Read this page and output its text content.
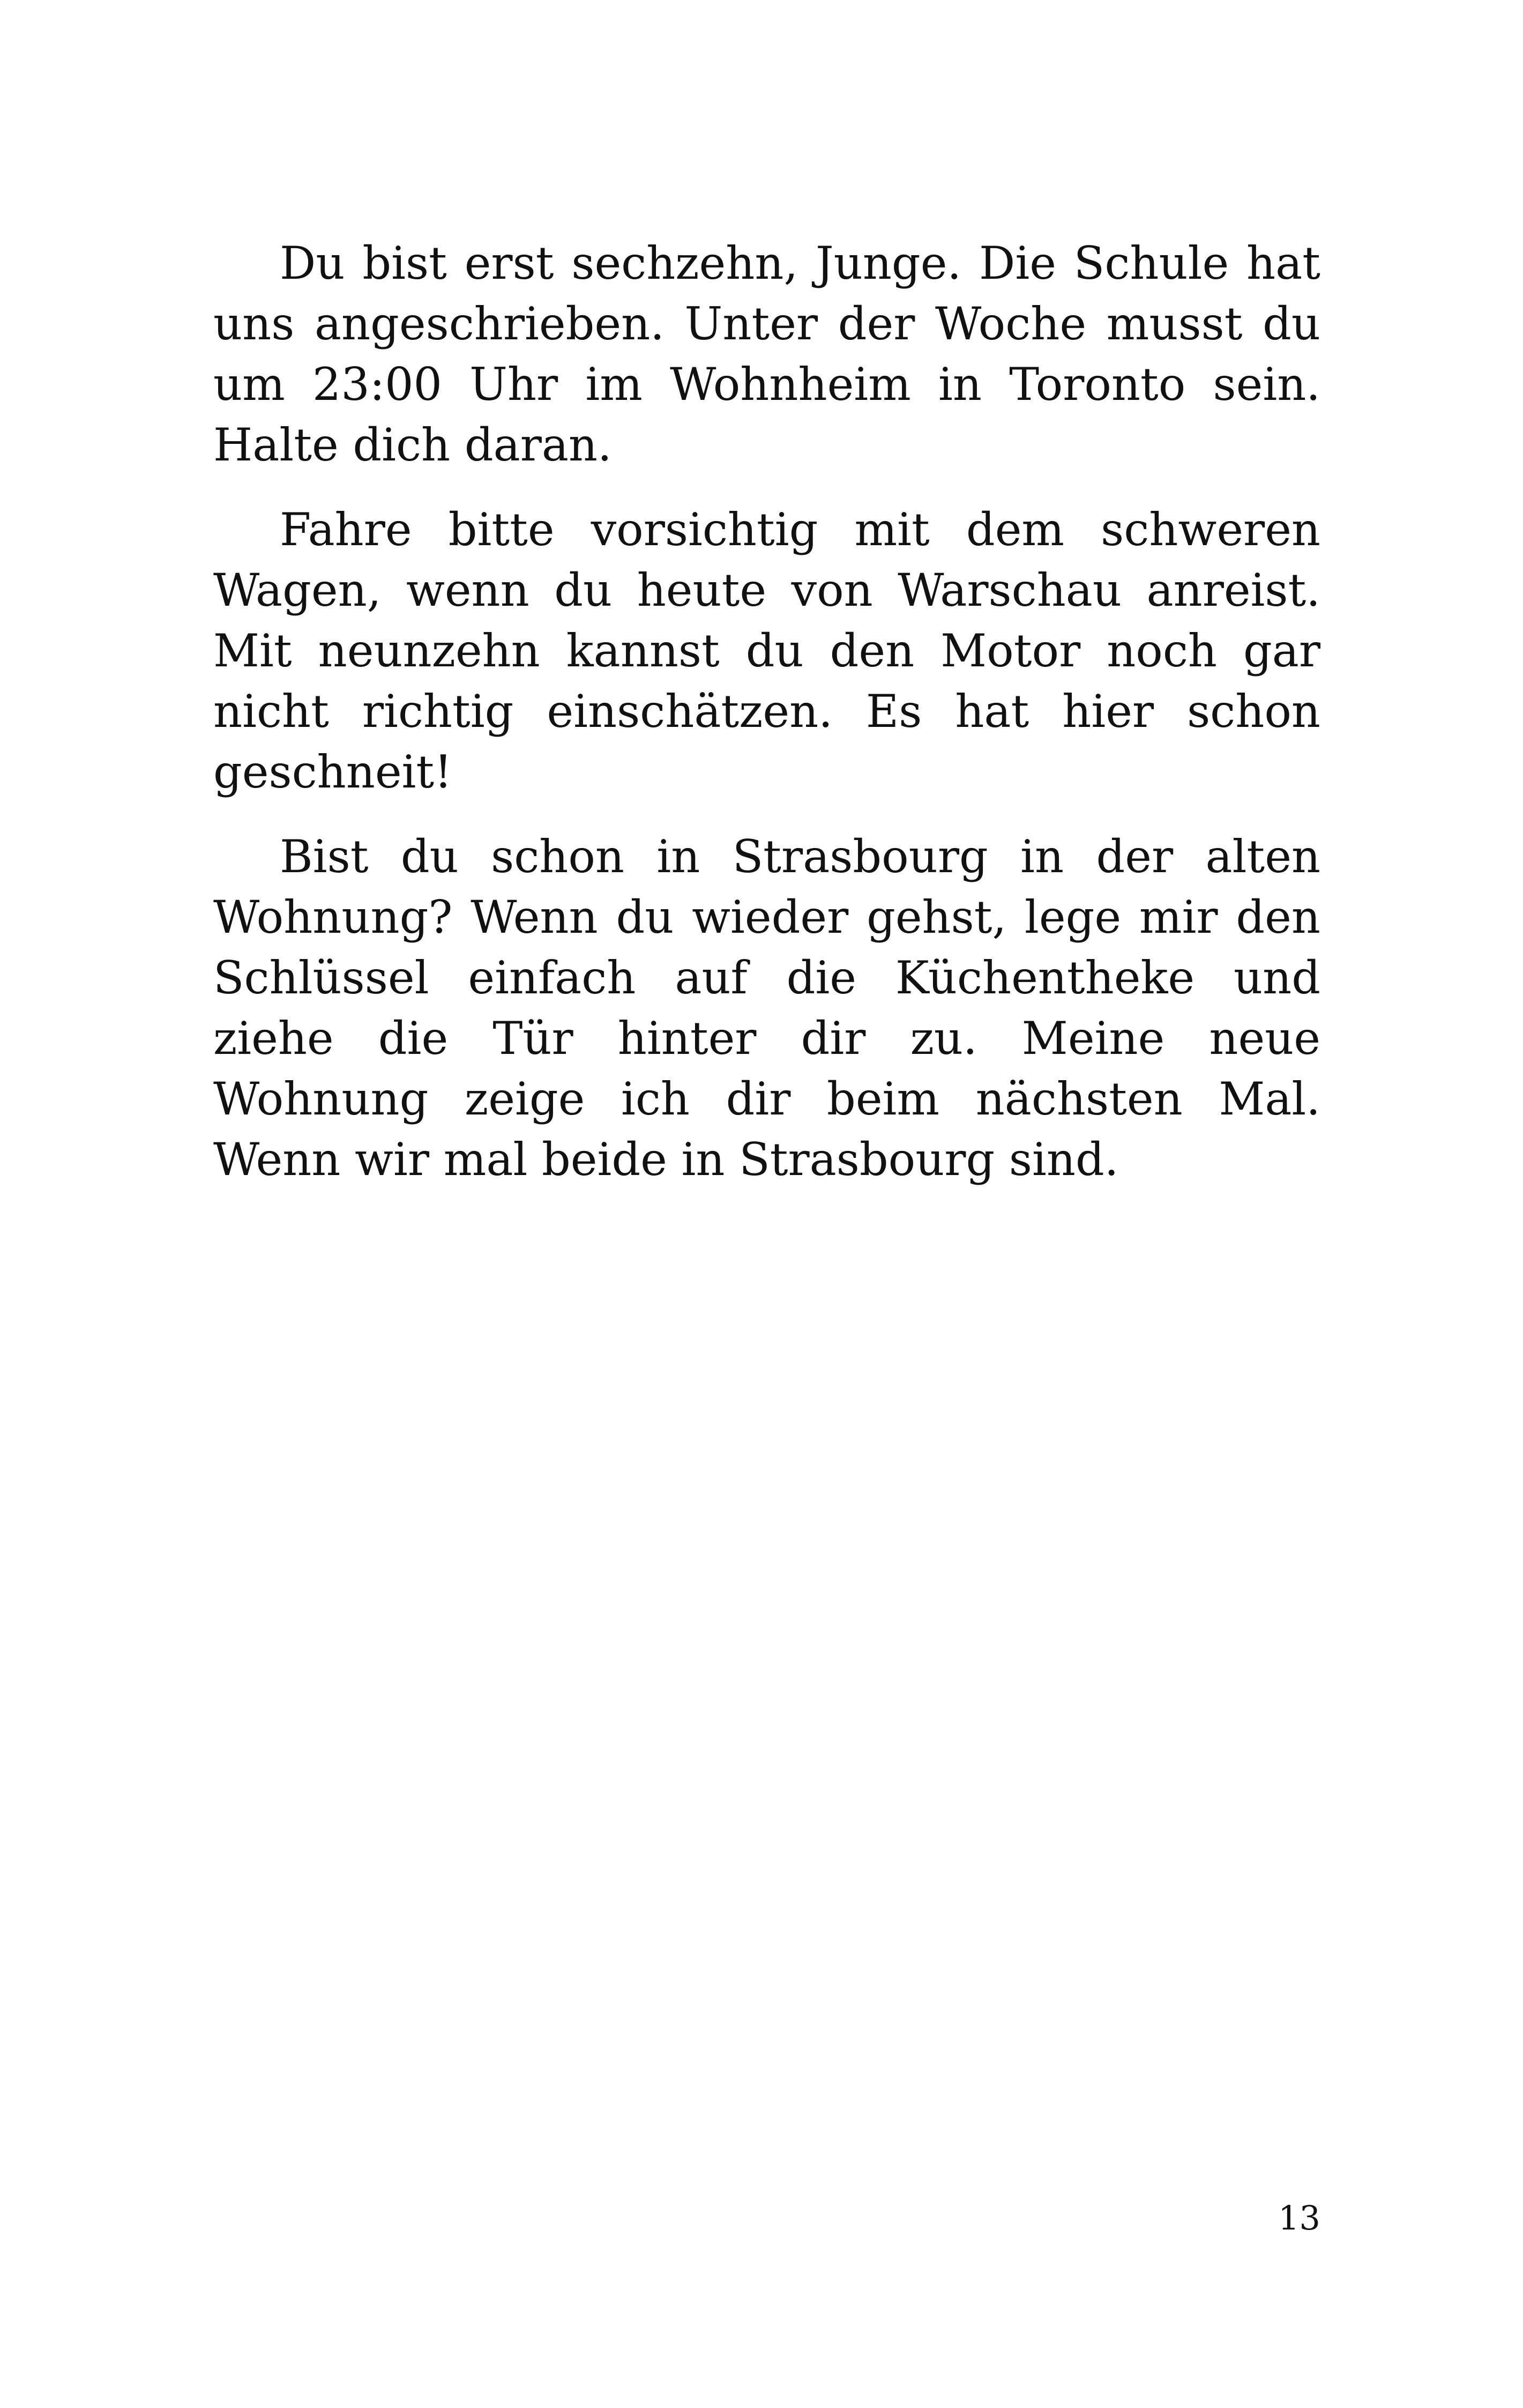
Du bist erst sechzehn, Junge. Die Schule hat uns angeschrieben. Unter der Woche musst du um 23:00 Uhr im Wohnheim in Toronto sein. Halte dich daran.

Fahre bitte vorsichtig mit dem schweren Wagen, wenn du heute von Warschau anreist. Mit neunzehn kannst du den Motor noch gar nicht richtig einschätzen. Es hat hier schon geschneit!

Bist du schon in Strasbourg in der alten Wohnung? Wenn du wieder gehst, lege mir den Schlüssel einfach auf die Küchentheke und ziehe die Tür hinter dir zu. Meine neue Wohnung zeige ich dir beim nächsten Mal. Wenn wir mal beide in Strasbourg sind.

13
